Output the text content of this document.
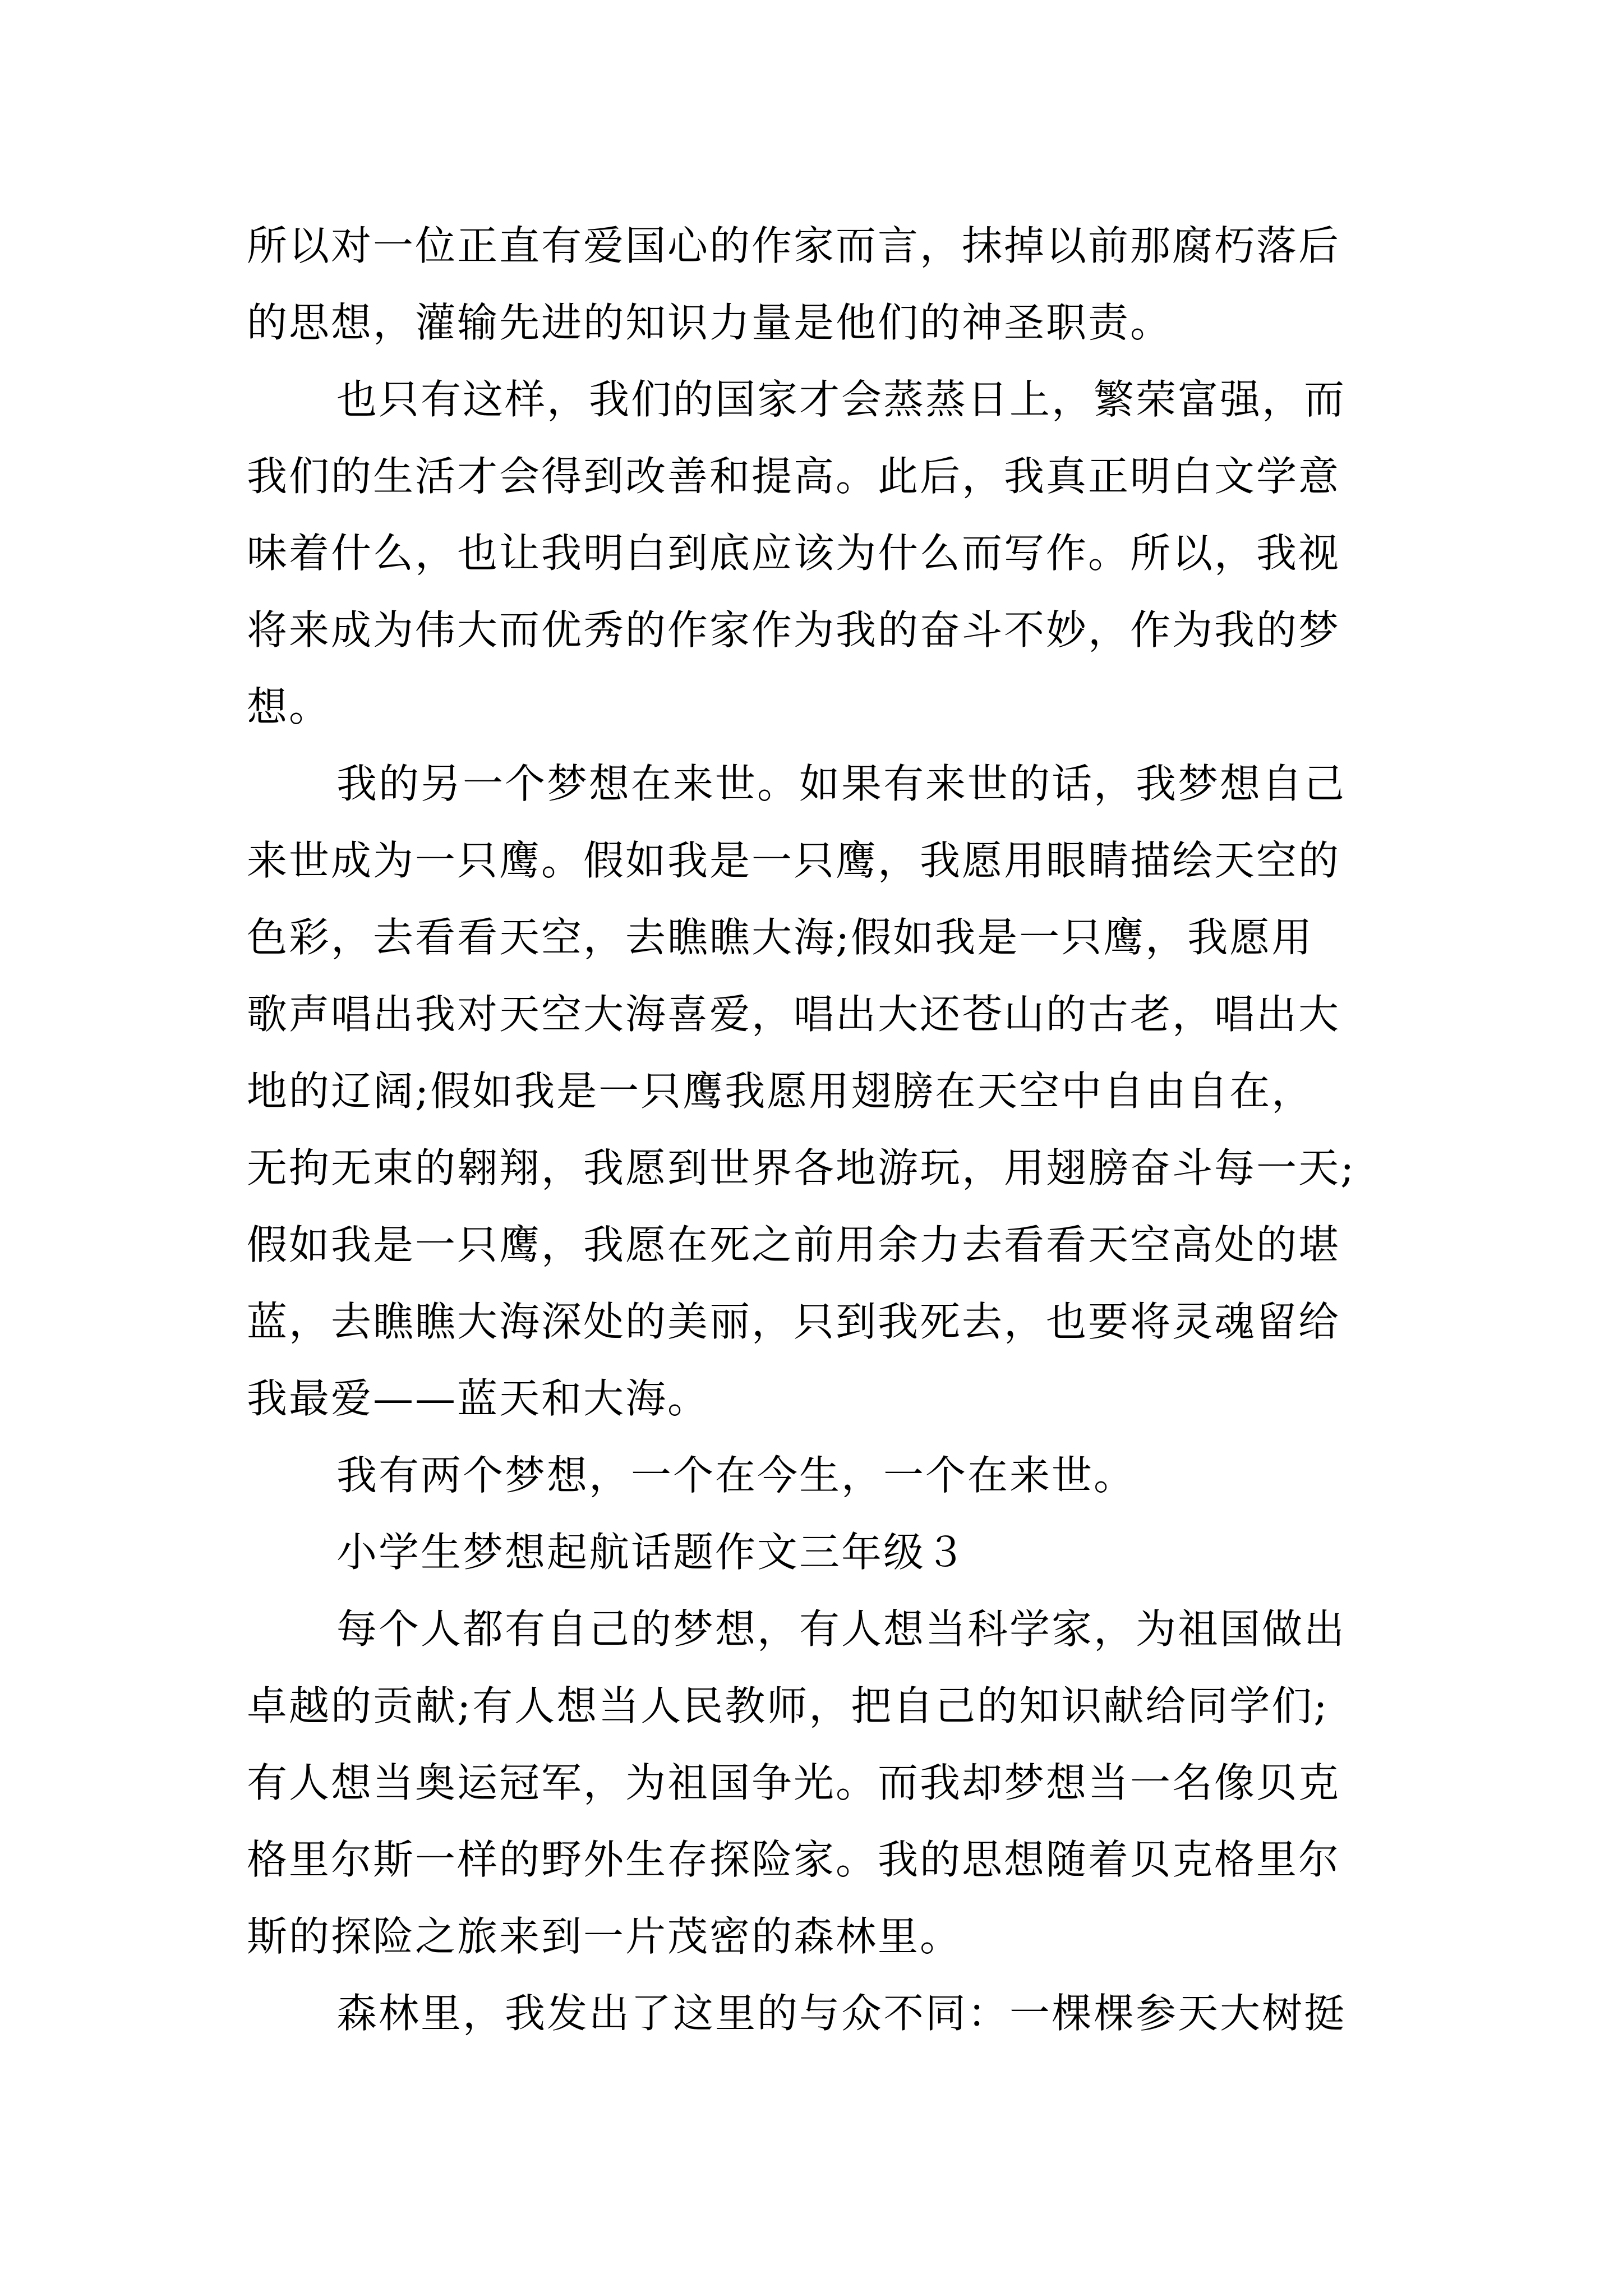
所以对一位正直有爱国心的作家而言，抹掉以前那腐朽落后
的思想，灌输先进的知识力量是他们的神圣职责。
也只有这样，我们的国家才会蒸蒸日上，繁荣富强，而
我们的生活才会得到改善和提高。此后，我真正明白文学意
味着什么，也让我明白到底应该为什么而写作。所以，我视
将来成为伟大而优秀的作家作为我的奋斗不妙，作为我的梦
想。
我的另一个梦想在来世。如果有来世的话，我梦想自己
来世成为一只鹰。假如我是一只鹰，我愿用眼睛描绘天空的
色彩，去看看天空，去瞧瞧大海;假如我是一只鹰，我愿用
歌声唱出我对天空大海喜爱，唱出大还苍山的古老，唱出大
地的辽阔;假如我是一只鹰我愿用翅膀在天空中自由自在，
无拘无束的翱翔，我愿到世界各地游玩，用翅膀奋斗每一天;
假如我是一只鹰，我愿在死之前用余力去看看天空高处的堪
蓝，去瞧瞧大海深处的美丽，只到我死去，也要将灵魂留给
我最爱——蓝天和大海。
我有两个梦想，一个在今生，一个在来世。
小学生梦想起航话题作文三年级３
每个人都有自己的梦想，有人想当科学家，为祖国做出
卓越的贡献;有人想当人民教师，把自己的知识献给同学们;
有人想当奥运冠军，为祖国争光。而我却梦想当一名像贝克
格里尔斯一样的野外生存探险家。我的思想随着贝克格里尔
斯的探险之旅来到一片茂密的森林里。
森林里，我发出了这里的与众不同：一棵棵参天大树挺
